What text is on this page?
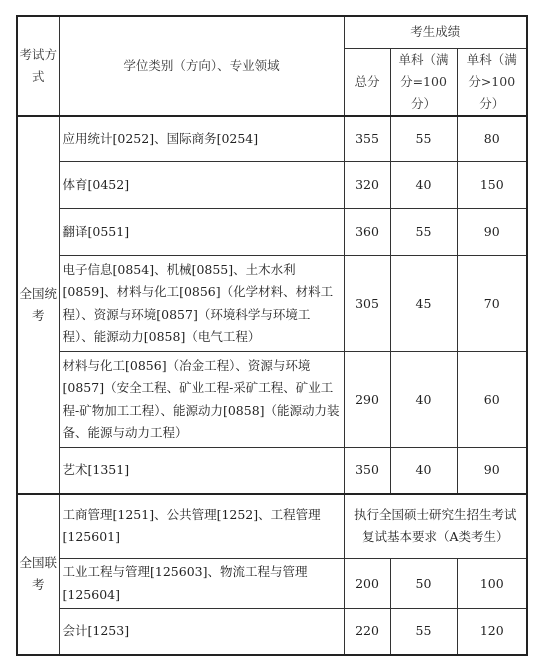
考试方式	学位类别（方向）、专业领域	考生成绩		
		总分	单科（满分=100分）	单科（满分>100分）
全国统考	应用统计[0252]、国际商务[0254]	355	55	80
	体育[0452]	320	40	150
	翻译[0551]	360	55	90
	电子信息[0854]、机械[0855]、土木水利[0859]、材料与化工[0856]（化学材料、材料工程）、资源与环境[0857]（环境科学与环境工程）、能源动力[0858]（电气工程）	305	45	70
	材料与化工[0856]（冶金工程）、资源与环境[0857]（安全工程、矿业工程-采矿工程、矿业工程-矿物加工工程）、能源动力[0858]（能源动力装备、能源与动力工程）	290	40	60
	艺术[1351]	350	40	90
全国联考	工商管理[1251]、公共管理[1252]、工程管理[125601]	执行全国硕士研究生招生考试复试基本要求（A类考生）		
	工业工程与管理[125603]、物流工程与管理[125604]	200	50	100
	会计[1253]	220	55	120
